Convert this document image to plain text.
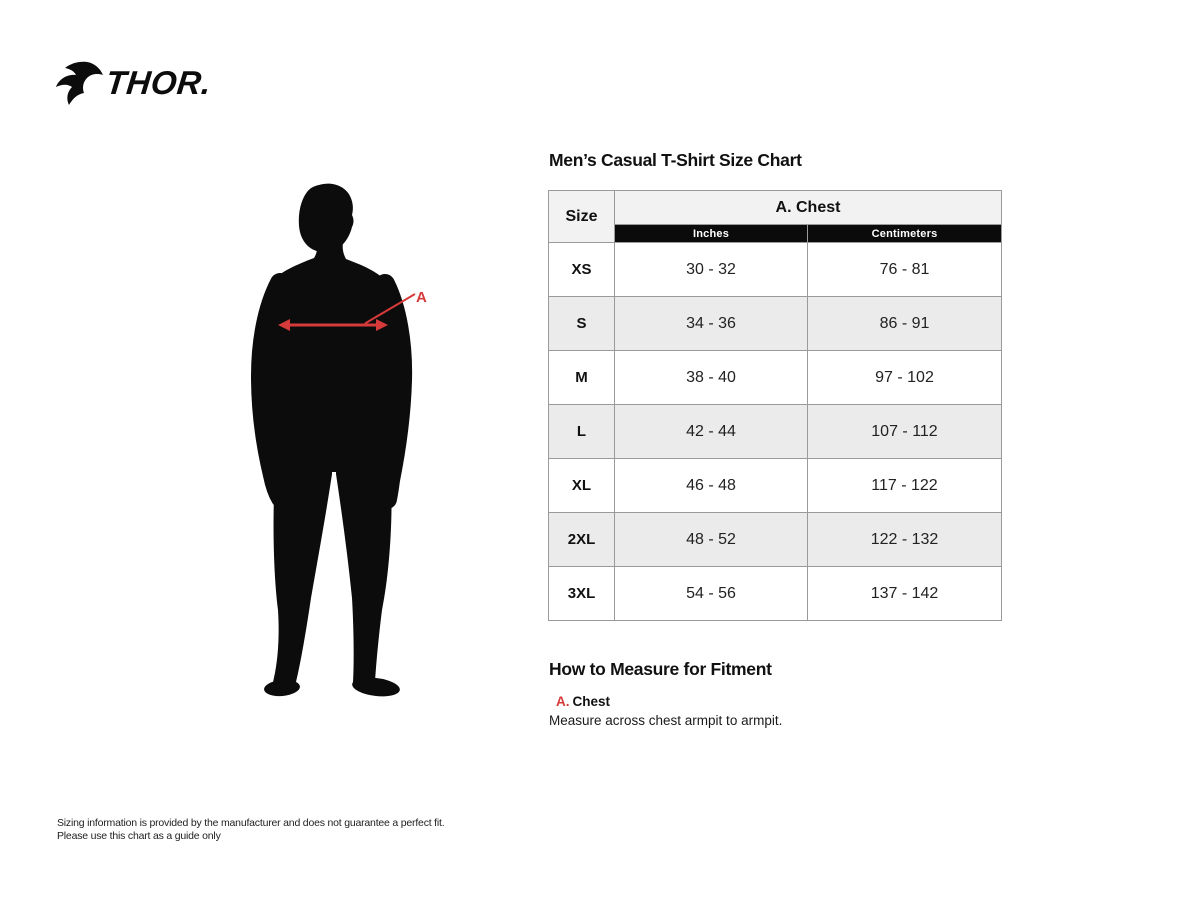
THOR.
A
Men’s Casual T-Shirt Size Chart
Size	A. Chest	
	Inches	Centimeters
XS	30 - 32	76 - 81
S	34 - 36	86 - 91
M	38 - 40	97 - 102
L	42 - 44	107 - 112
XL	46 - 48	117 - 122
2XL	48 - 52	122 - 132
3XL	54 - 56	137 - 142
How to Measure for Fitment
A. Chest
Measure across chest armpit to armpit.
Sizing information is provided by the manufacturer and does not guarantee a perfect fit.
Please use this chart as a guide only
